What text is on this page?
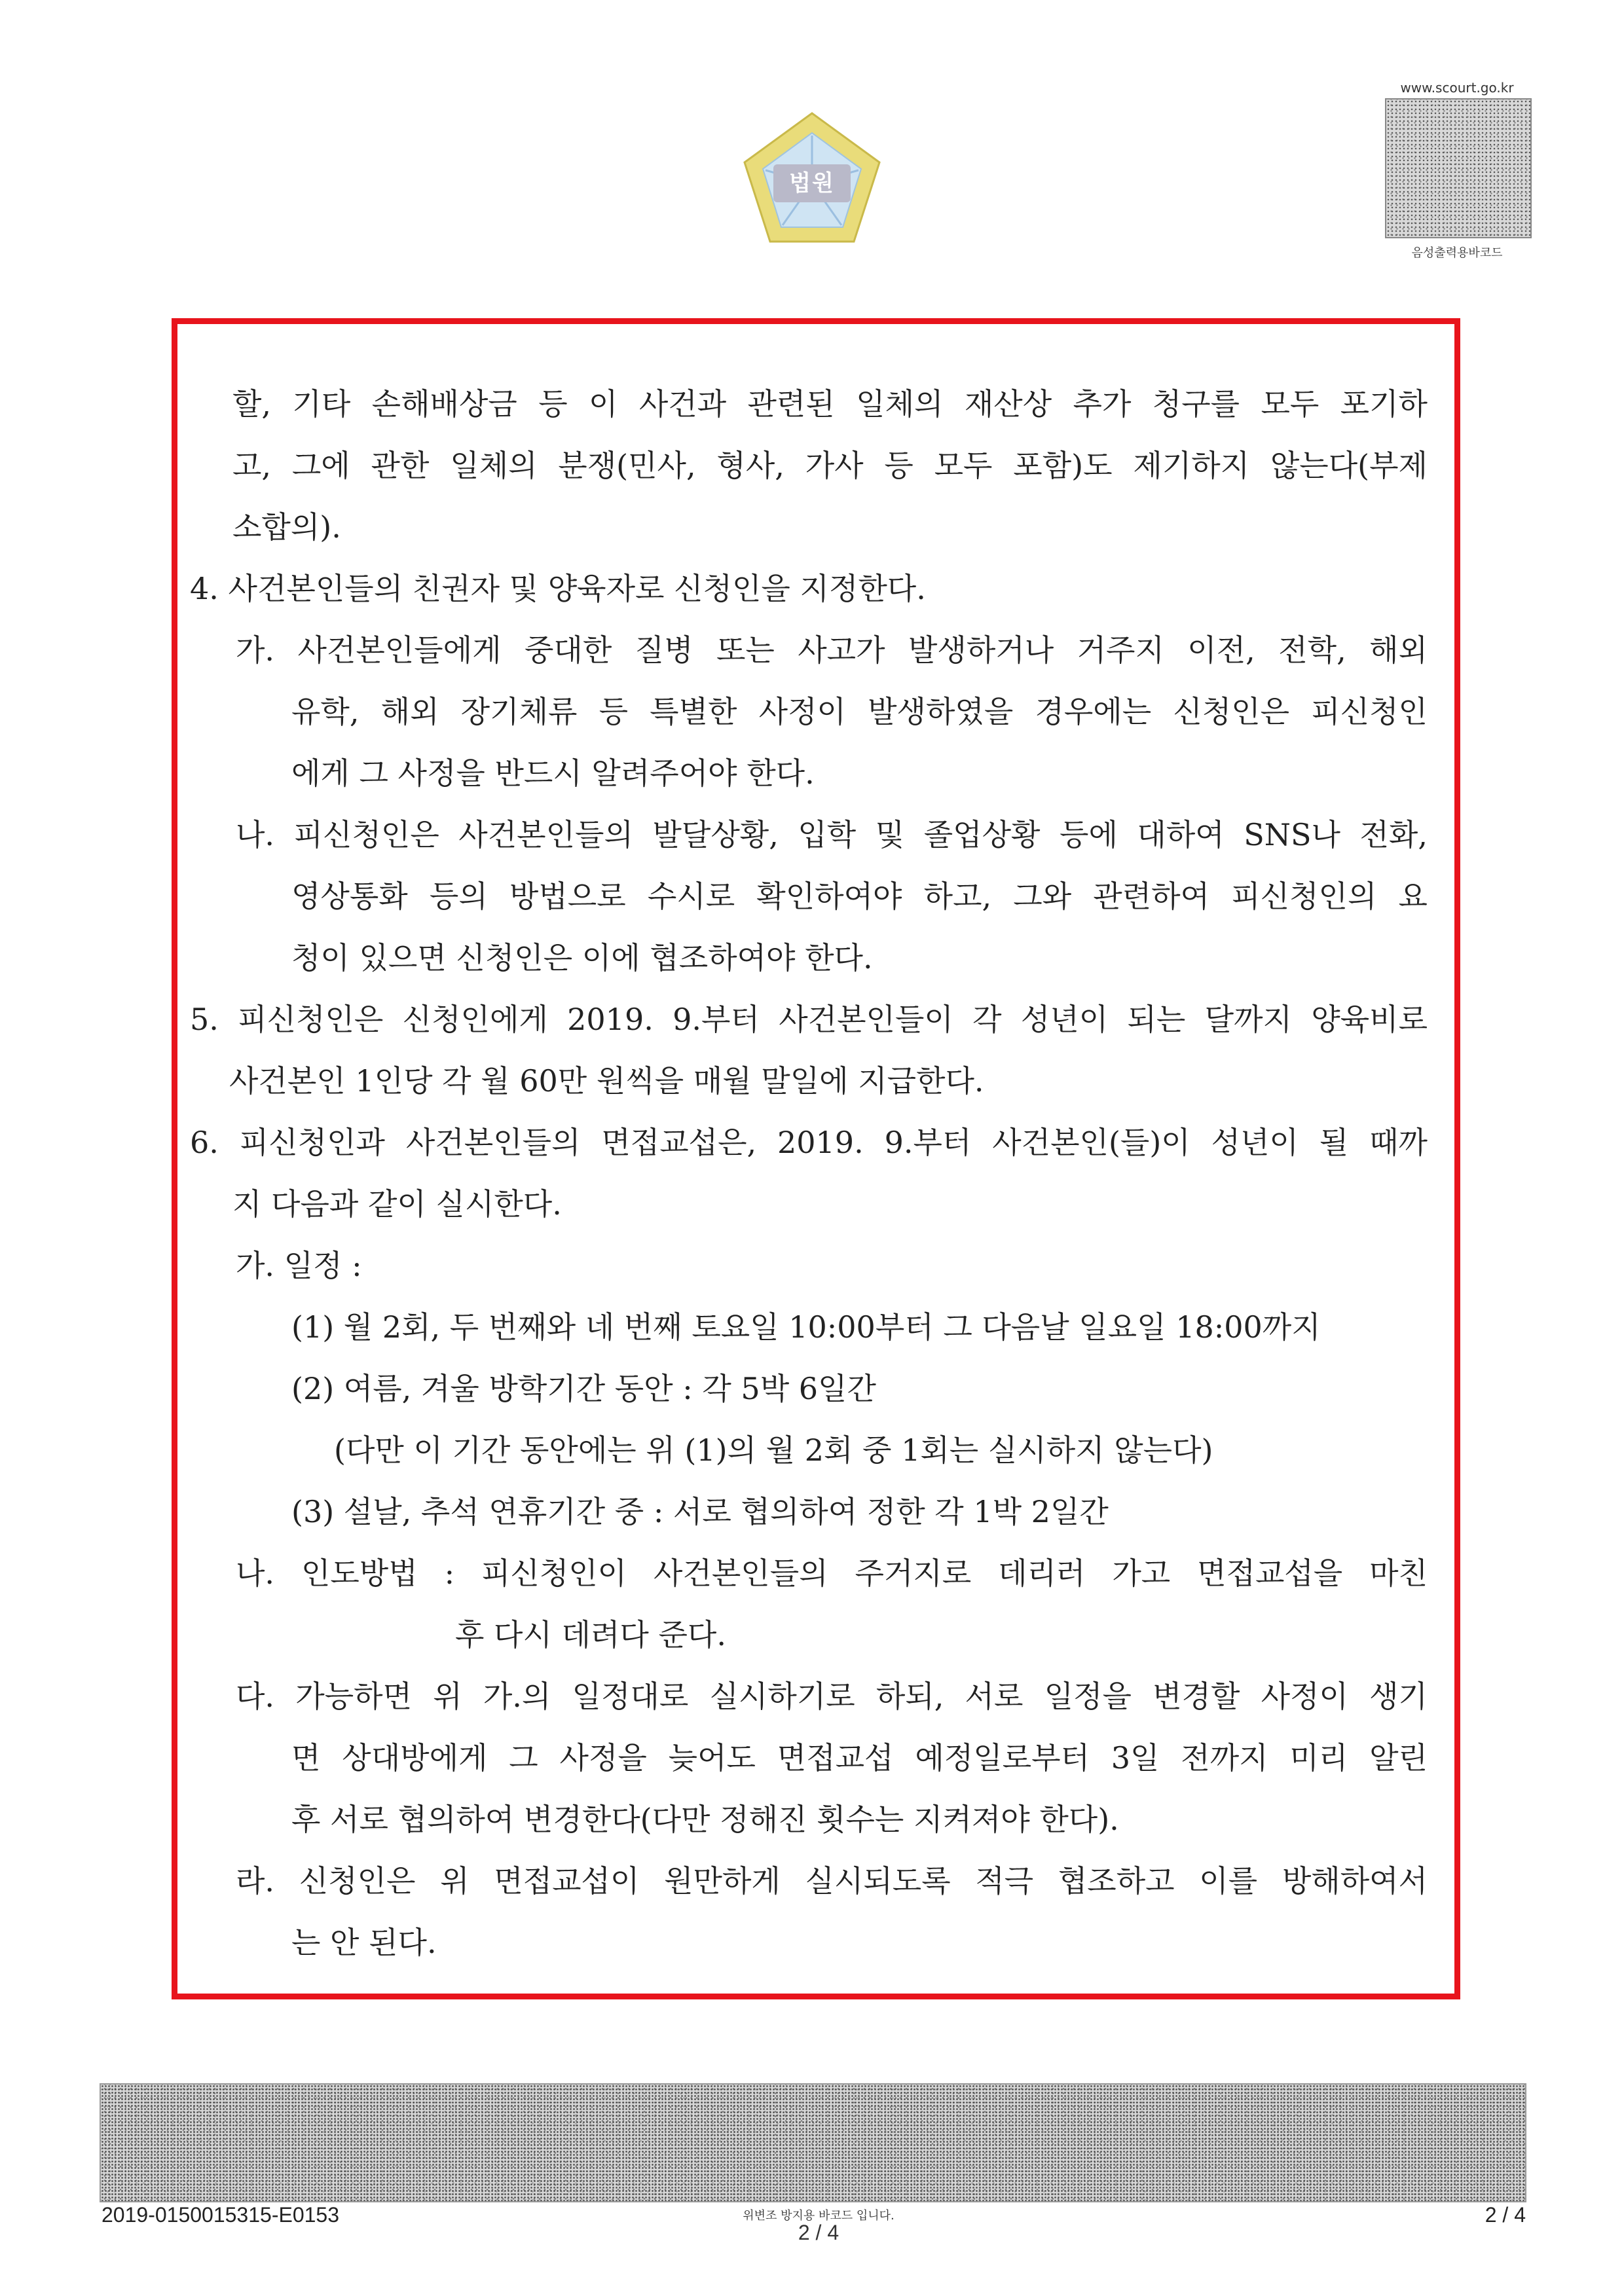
법원
www.scourt.go.kr
음성출력용바코드
할, 기타 손해배상금 등 이 사건과 관련된 일체의 재산상 추가 청구를 모두 포기하
고, 그에 관한 일체의 분쟁(민사, 형사, 가사 등 모두 포함)도 제기하지 않는다(부제
소합의).
4. 사건본인들의 친권자 및 양육자로 신청인을 지정한다.
가. 사건본인들에게 중대한 질병 또는 사고가 발생하거나 거주지 이전, 전학, 해외
유학, 해외 장기체류 등 특별한 사정이 발생하였을 경우에는 신청인은 피신청인
에게 그 사정을 반드시 알려주어야 한다.
나. 피신청인은 사건본인들의 발달상황, 입학 및 졸업상황 등에 대하여 SNS나 전화,
영상통화 등의 방법으로 수시로 확인하여야 하고, 그와 관련하여 피신청인의 요
청이 있으면 신청인은 이에 협조하여야 한다.
5. 피신청인은 신청인에게 2019. 9.부터 사건본인들이 각 성년이 되는 달까지 양육비로
사건본인 1인당 각 월 60만 원씩을 매월 말일에 지급한다.
6. 피신청인과 사건본인들의 면접교섭은, 2019. 9.부터 사건본인(들)이 성년이 될 때까
지 다음과 같이 실시한다.
가. 일정 :
(1) 월 2회, 두 번째와 네 번째 토요일 10:00부터 그 다음날 일요일 18:00까지
(2) 여름, 겨울 방학기간 동안 : 각 5박 6일간
(다만 이 기간 동안에는 위 (1)의 월 2회 중 1회는 실시하지 않는다)
(3) 설날, 추석 연휴기간 중 : 서로 협의하여 정한 각 1박 2일간
나. 인도방법 : 피신청인이 사건본인들의 주거지로 데리러 가고 면접교섭을 마친
후 다시 데려다 준다.
다. 가능하면 위 가.의 일정대로 실시하기로 하되, 서로 일정을 변경할 사정이 생기
면 상대방에게 그 사정을 늦어도 면접교섭 예정일로부터 3일 전까지 미리 알린
후 서로 협의하여 변경한다(다만 정해진 횟수는 지켜져야 한다).
라. 신청인은 위 면접교섭이 원만하게 실시되도록 적극 협조하고 이를 방해하여서
는 안 된다.
2019-0150015315-E0153	위변조 방지용 바코드 입니다.
2 / 4
2 / 4
